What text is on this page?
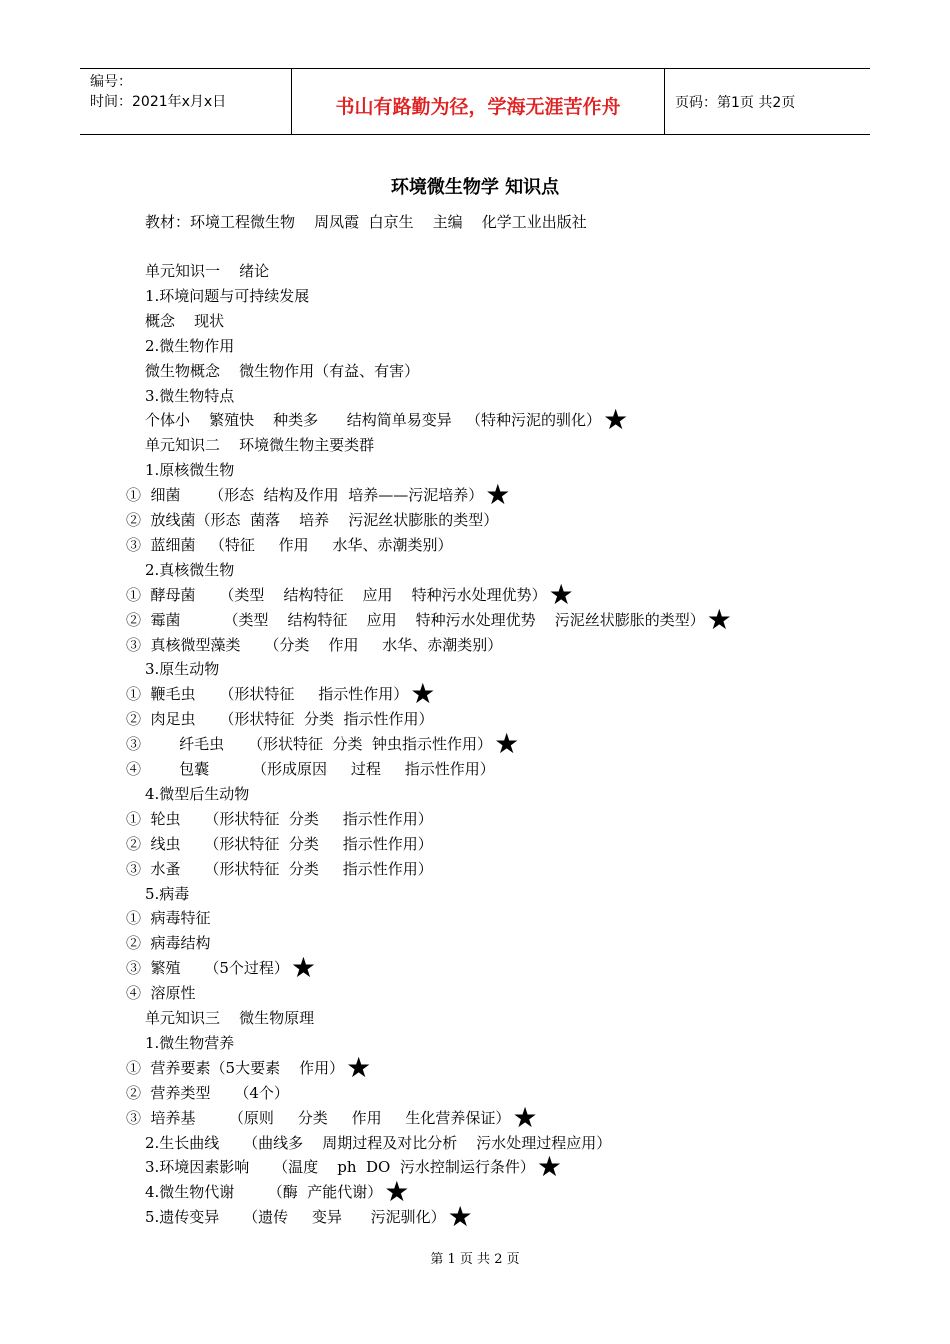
编号：
时间：2021年x月x日	书山有路勤为径，学海无涯苦作舟	页码：第1页 共2页
环境微生物学 知识点
教材：环境工程微生物    周凤霞  白京生    主编    化学工业出版社
单元知识一    绪论
1.环境问题与可持续发展
概念    现状
2.微生物作用
微生物概念    微生物作用（有益、有害）
3.微生物特点
个体小    繁殖快    种类多      结构简单易变异   （特种污泥的驯化）★
单元知识二    环境微生物主要类群
1.原核微生物
①  细菌      （形态  结构及作用  培养——污泥培养）★
②  放线菌（形态  菌落    培养    污泥丝状膨胀的类型）
③  蓝细菌   （特征     作用     水华、赤潮类别）
2.真核微生物
①  酵母菌     （类型    结构特征    应用    特种污水处理优势）★
②  霉菌         （类型    结构特征    应用    特种污水处理优势    污泥丝状膨胀的类型）★
③  真核微型藻类     （分类    作用     水华、赤潮类别）
3.原生动物
①  鞭毛虫     （形状特征     指示性作用）★
②  肉足虫     （形状特征  分类  指示性作用）
③        纤毛虫     （形状特征  分类  钟虫指示性作用）★
④        包囊         （形成原因     过程     指示性作用）
4.微型后生动物
①  轮虫     （形状特征  分类     指示性作用）
②  线虫     （形状特征  分类     指示性作用）
③  水蚤     （形状特征  分类     指示性作用）
5.病毒
①  病毒特征
②  病毒结构
③  繁殖     （5个过程）★
④  溶原性
单元知识三    微生物原理
1.微生物营养
①  营养要素（5大要素    作用）★
②  营养类型     （4个）
③  培养基       （原则     分类     作用     生化营养保证）★
2.生长曲线     （曲线多    周期过程及对比分析    污水处理过程应用）
3.环境因素影响     （温度    ph  DO  污水控制运行条件）★
4.微生物代谢       （酶  产能代谢）★
5.遗传变异     （遗传     变异      污泥驯化）★
第 1 页 共 2 页
